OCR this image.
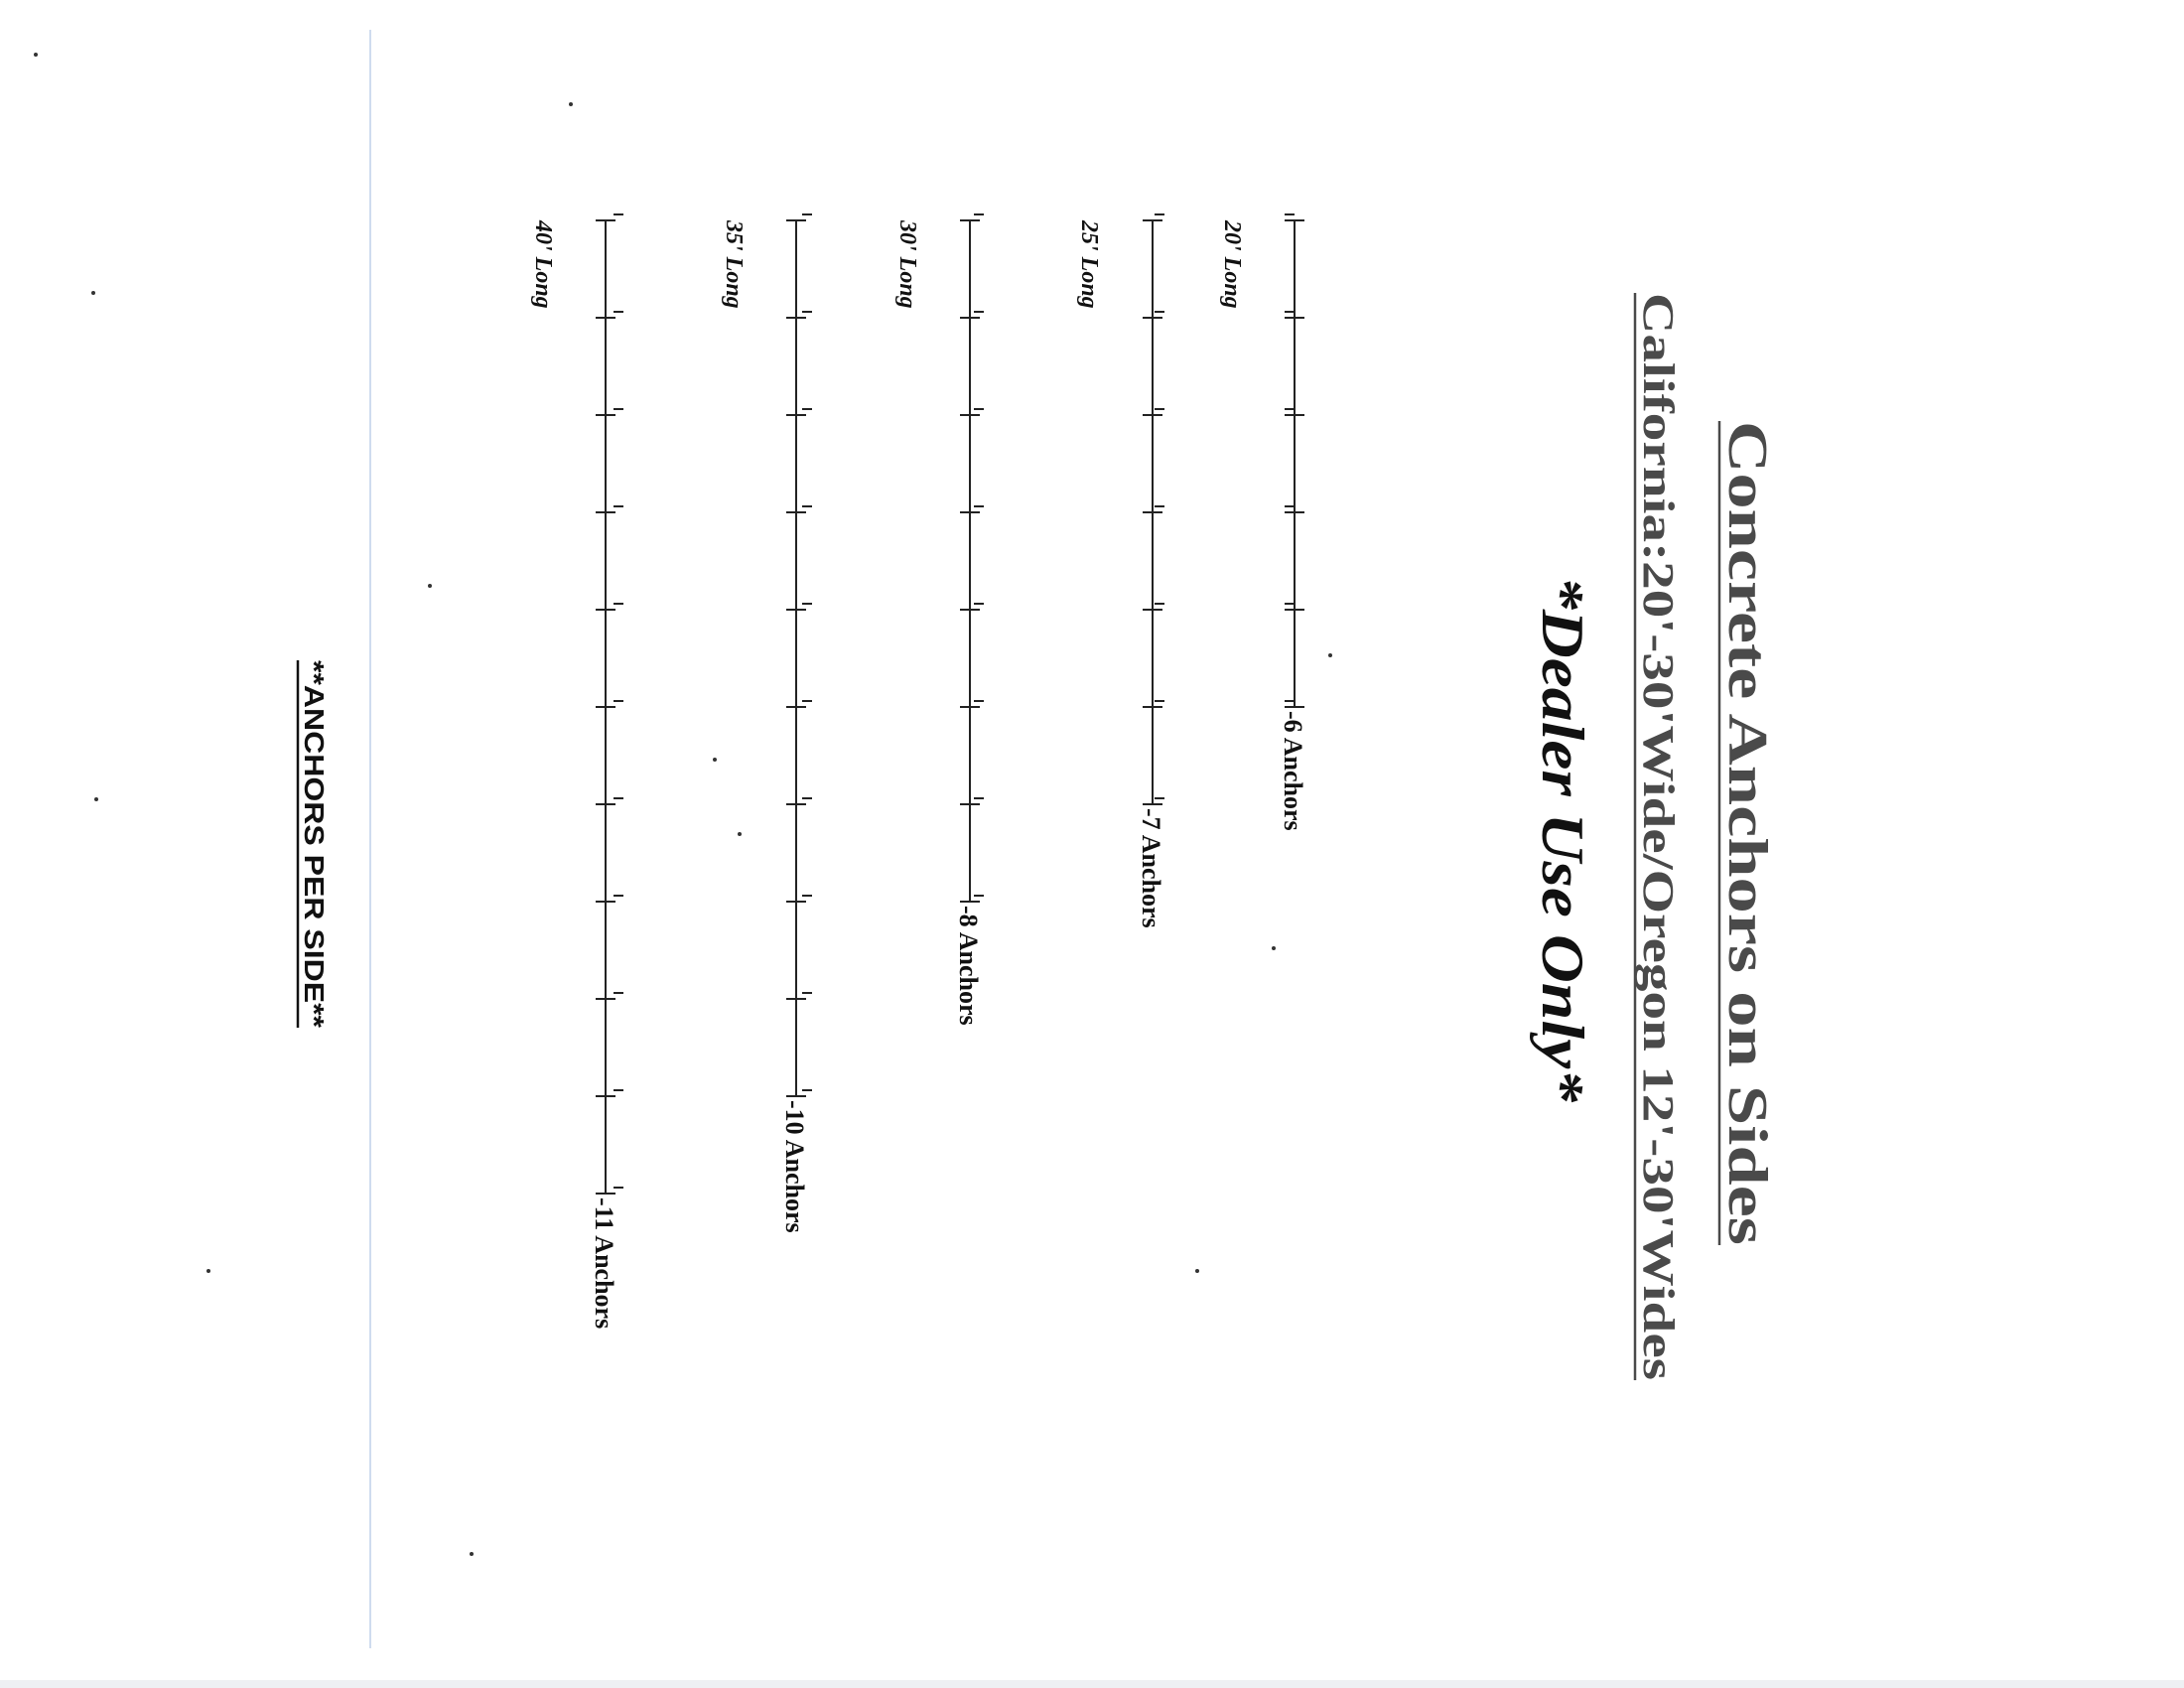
Concrete Anchors on Sides
California:20'-30'Wide/Oregon 12'-30'Wides
*Dealer Use Only*
-6 Anchors
20' Long
-7 Anchors
25' Long
-8 Anchors
30' Long
-10 Anchors
35' Long
-11 Anchors
40' Long
**ANCHORS PER SIDE**
